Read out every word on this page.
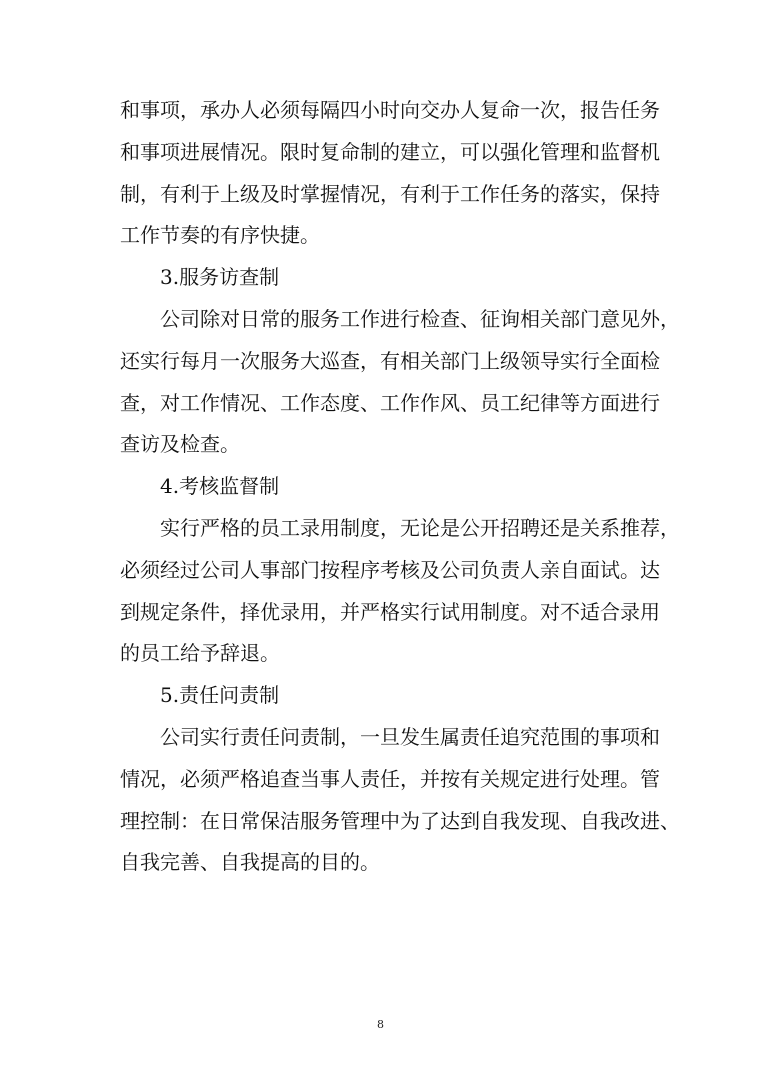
和事项，承办人必须每隔四小时向交办人复命一次，报告任务
和事项进展情况。限时复命制的建立，可以强化管理和监督机
制，有利于上级及时掌握情况，有利于工作任务的落实，保持
工作节奏的有序快捷。
3.服务访查制
公司除对日常的服务工作进行检查、征询相关部门意见外，
还实行每月一次服务大巡查，有相关部门上级领导实行全面检
查，对工作情况、工作态度、工作作风、员工纪律等方面进行
查访及检查。
4.考核监督制
实行严格的员工录用制度，无论是公开招聘还是关系推荐，
必须经过公司人事部门按程序考核及公司负责人亲自面试。达
到规定条件，择优录用，并严格实行试用制度。对不适合录用
的员工给予辞退。
5.责任问责制
公司实行责任问责制，一旦发生属责任追究范围的事项和
情况，必须严格追查当事人责任，并按有关规定进行处理。管
理控制：在日常保洁服务管理中为了达到自我发现、自我改进、
自我完善、自我提高的目的。
8
